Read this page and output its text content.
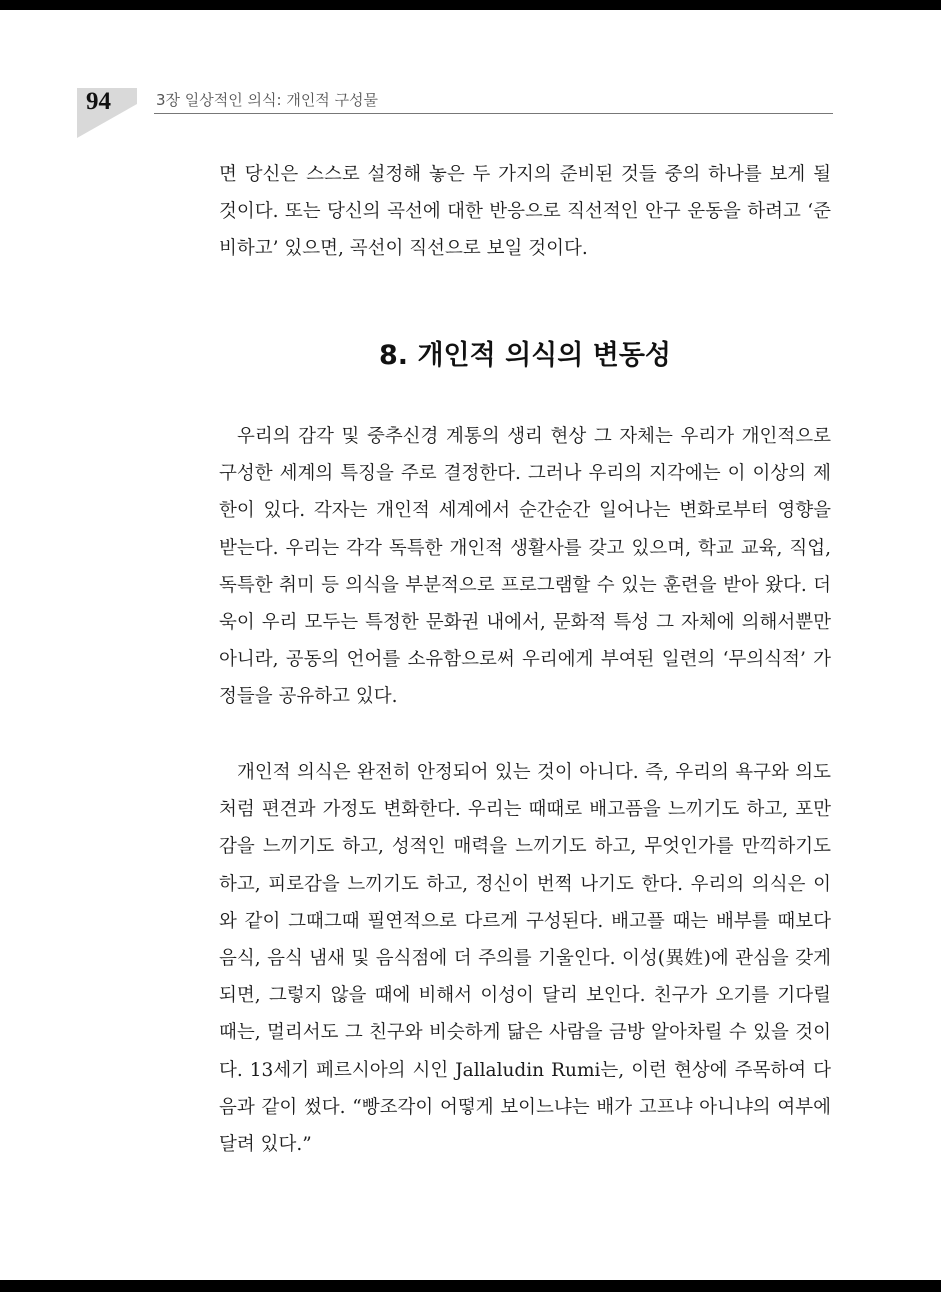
94	3장 일상적인 의식: 개인적 구성물
면 당신은 스스로 설정해 놓은 두 가지의 준비된 것들 중의 하나를 보게 될 것이다. 또는 당신의 곡선에 대한 반응으로 직선적인 안구 운동을 하려고 ‘준비하고’ 있으면, 곡선이 직선으로 보일 것이다.
8. 개인적 의식의 변동성
우리의 감각 및 중추신경 계통의 생리 현상 그 자체는 우리가 개인적으로 구성한 세계의 특징을 주로 결정한다. 그러나 우리의 지각에는 이 이상의 제한이 있다. 각자는 개인적 세계에서 순간순간 일어나는 변화로부터 영향을 받는다. 우리는 각각 독특한 개인적 생활사를 갖고 있으며, 학교 교육, 직업, 독특한 취미 등 의식을 부분적으로 프로그램할 수 있는 훈련을 받아 왔다. 더욱이 우리 모두는 특정한 문화권 내에서, 문화적 특성 그 자체에 의해서뿐만 아니라, 공동의 언어를 소유함으로써 우리에게 부여된 일련의 ‘무의식적’ 가정들을 공유하고 있다.
개인적 의식은 완전히 안정되어 있는 것이 아니다. 즉, 우리의 욕구와 의도처럼 편견과 가정도 변화한다. 우리는 때때로 배고픔을 느끼기도 하고, 포만감을 느끼기도 하고, 성적인 매력을 느끼기도 하고, 무엇인가를 만끽하기도 하고, 피로감을 느끼기도 하고, 정신이 번쩍 나기도 한다. 우리의 의식은 이와 같이 그때그때 필연적으로 다르게 구성된다. 배고플 때는 배부를 때보다 음식, 음식 냄새 및 음식점에 더 주의를 기울인다. 이성(異姓)에 관심을 갖게 되면, 그렇지 않을 때에 비해서 이성이 달리 보인다. 친구가 오기를 기다릴 때는, 멀리서도 그 친구와 비슷하게 닮은 사람을 금방 알아차릴 수 있을 것이다. 13세기 페르시아의 시인 Jallaludin Rumi는, 이런 현상에 주목하여 다음과 같이 썼다. “빵조각이 어떻게 보이느냐는 배가 고프냐 아니냐의 여부에 달려 있다.”
